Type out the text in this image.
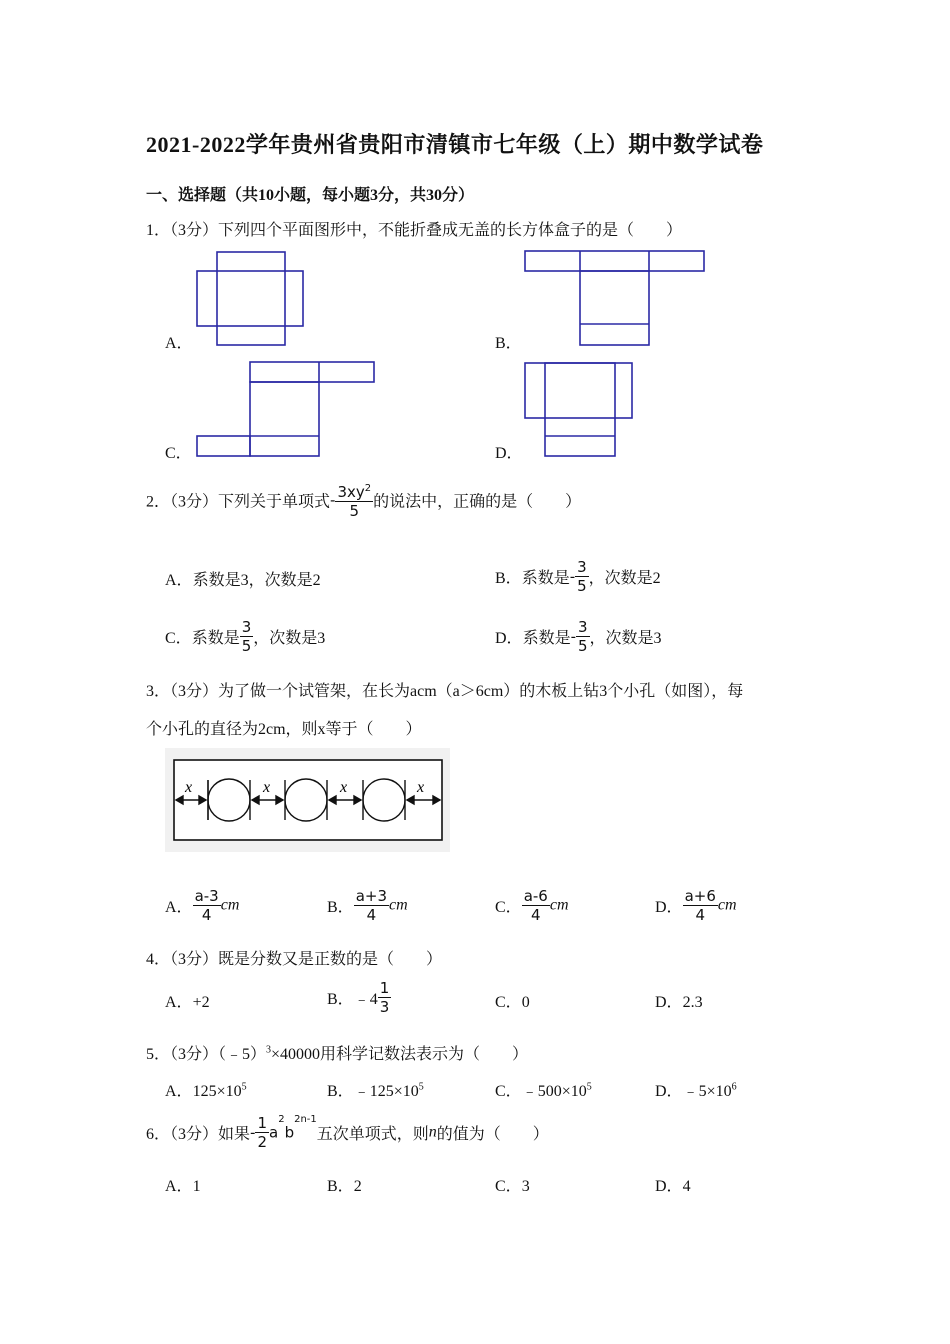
2021-2022学年贵州省贵阳市清镇市七年级（上）期中数学试卷
一、选择题（共10小题，每小题3分，共30分）
1．（3分）下列四个平面图形中，不能折叠成无盖的长方体盒子的是（　　）
A．	B．
C．	D．
2．（3分）下列关于单项式- $\frac{3xy^2}{5}$ 的说法中，正确的是（　　）
A．系数是3，次数是2	B．系数是- $\frac{3}{5}$ ，次数是2
C．系数是 $\frac{3}{5}$ ，次数是3	D．系数是- $\frac{3}{5}$ ，次数是3
3．（3分）为了做一个试管架，在长为acm（a＞6cm）的木板上钻3个小孔（如图），每
个小孔的直径为2cm，则x等于（　　）
x	x	x	x
A． $\frac{a-3}{4}$ cm	B． $\frac{a+3}{4}$ cm	C． $\frac{a-6}{4}$ cm	D． $\frac{a+6}{4}$ cm
4．（3分）既是分数又是正数的是（　　）
A．+2	B．﹣4 $\frac{1}{3}$	C．0	D．2.3
5．（3分）（﹣5）$^3$×40000用科学记数法表示为（　　）
A．$125\times 10^5$	B．$﹣125\times 10^5$	C．$﹣500\times 10^5$	D．$﹣5\times 10^6$
6．（3分）如果- $\frac{1}{2} a^2b^{2n-1}$五次单项式，则n的值为（　　）
A．1	B．2	C．3	D．4
